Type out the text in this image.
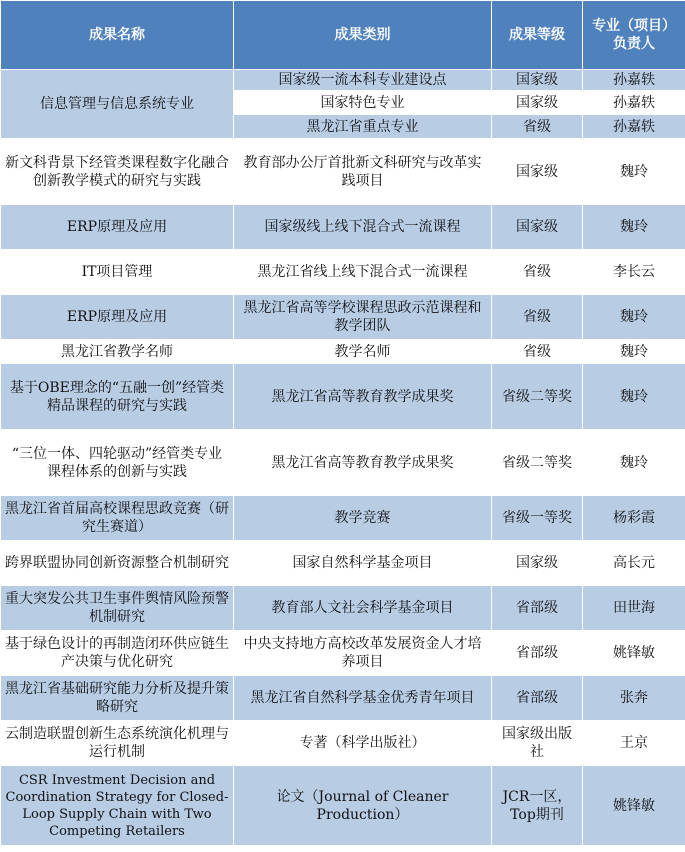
成果名称	成果类别	成果等级	专业（项目）负责人
信息管理与信息系统专业	国家级一流本科专业建设点	国家级	孙嘉轶
	国家特色专业	国家级	孙嘉轶
	黑龙江省重点专业	省级	孙嘉轶
新文科背景下经管类课程数字化融合创新教学模式的研究与实践	教育部办公厅首批新文科研究与改革实践项目	国家级	魏玲
ERP原理及应用	国家级线上线下混合式一流课程	国家级	魏玲
IT项目管理	黑龙江省线上线下混合式一流课程	省级	李长云
ERP原理及应用	黑龙江省高等学校课程思政示范课程和教学团队	省级	魏玲
黑龙江省教学名师	教学名师	省级	魏玲
基于OBE理念的“五融一创”经管类精品课程的研究与实践	黑龙江省高等教育教学成果奖	省级二等奖	魏玲
“三位一体、四轮驱动”经管类专业课程体系的创新与实践	黑龙江省高等教育教学成果奖	省级二等奖	魏玲
黑龙江省首届高校课程思政竞赛（研究生赛道）	教学竞赛	省级一等奖	杨彩霞
跨界联盟协同创新资源整合机制研究	国家自然科学基金项目	国家级	高长元
重大突发公共卫生事件舆情风险预警机制研究	教育部人文社会科学基金项目	省部级	田世海
基于绿色设计的再制造闭环供应链生产决策与优化研究	中央支持地方高校改革发展资金人才培养项目	省部级	姚锋敏
黑龙江省基础研究能力分析及提升策略研究	黑龙江省自然科学基金优秀青年项目	省部级	张奔
云制造联盟创新生态系统演化机理与运行机制	专著（科学出版社）	国家级出版社	王京
CSR Investment Decision and Coordination Strategy for Closed-Loop Supply Chain with Two Competing Retailers	论文（Journal of Cleaner Production）	JCR一区，Top期刊	姚锋敏
